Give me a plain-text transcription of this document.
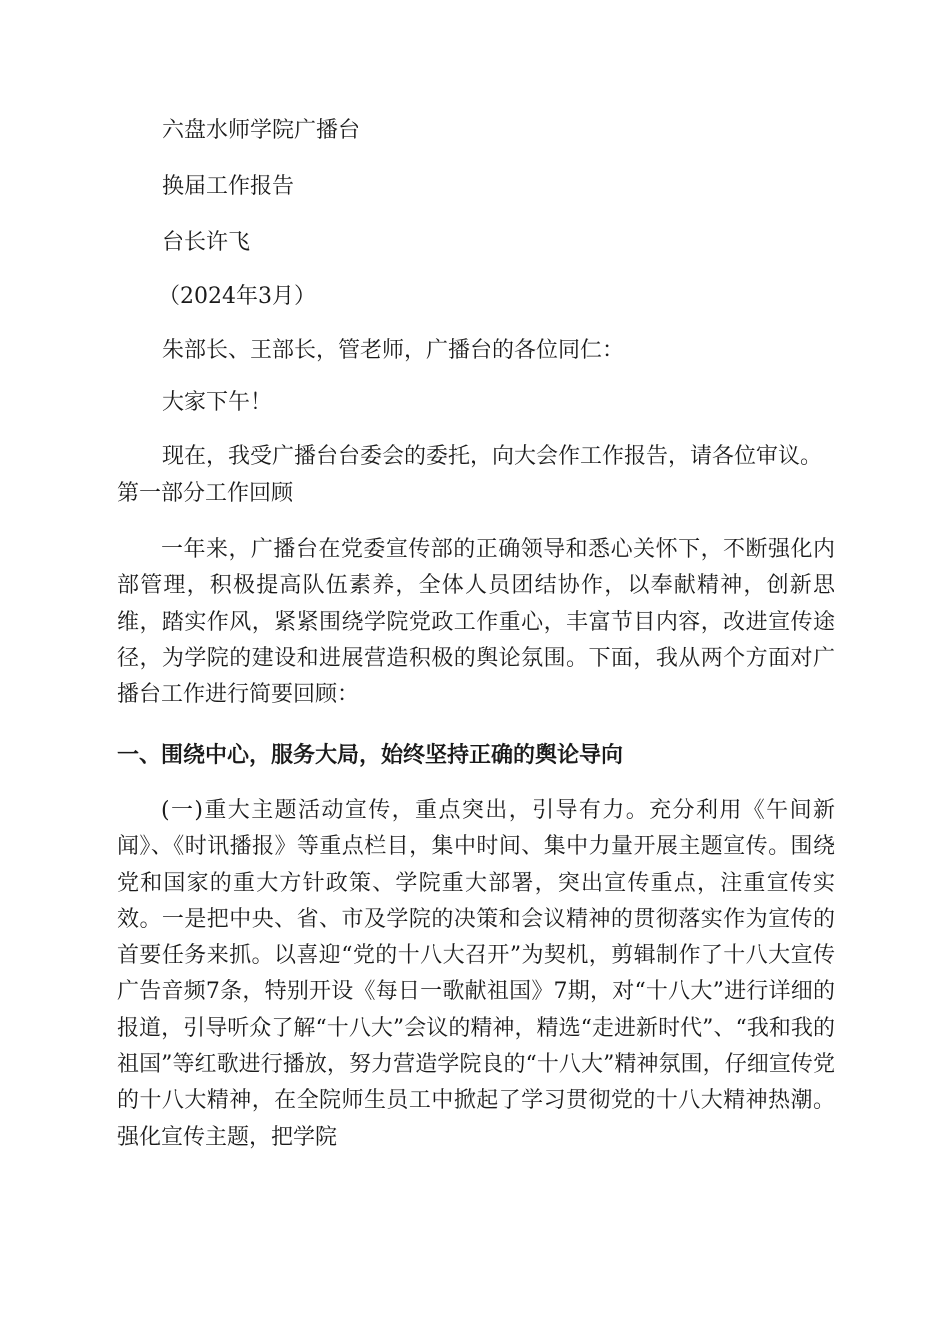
六盘水师学院广播台
换届工作报告
台长许飞
（2024年3月）
朱部长、王部长，管老师，广播台的各位同仁：
大家下午！
现在，我受广播台台委会的委托，向大会作工作报告，请各位审议。
第一部分工作回顾

一年来，广播台在党委宣传部的正确领导和悉心关怀下，不断强化内部管理，积极提高队伍素养，全体人员团结协作，以奉献精神，创新思维，踏实作风，紧紧围绕学院党政工作重心，丰富节目内容，改进宣传途径，为学院的建设和进展营造积极的舆论氛围。下面，我从两个方面对广播台工作进行简要回顾：

一、围绕中心，服务大局，始终坚持正确的舆论导向

(一)重大主题活动宣传，重点突出，引导有力。充分利用《午间新闻》、《时讯播报》等重点栏目，集中时间、集中力量开展主题宣传。围绕党和国家的重大方针政策、学院重大部署，突出宣传重点，注重宣传实效。一是把中央、省、市及学院的决策和会议精神的贯彻落实作为宣传的首要任务来抓。以喜迎“党的十八大召开”为契机，剪辑制作了十八大宣传广告音频7条，特别开设《每日一歌献祖国》7期，对“十八大”进行详细的报道，引导听众了解“十八大”会议的精神，精选“走进新时代”、“我和我的祖国”等红歌进行播放，努力营造学院良的“十八大”精神氛围，仔细宣传党的十八大精神，在全院师生员工中掀起了学习贯彻党的十八大精神热潮。强化宣传主题，把学院
